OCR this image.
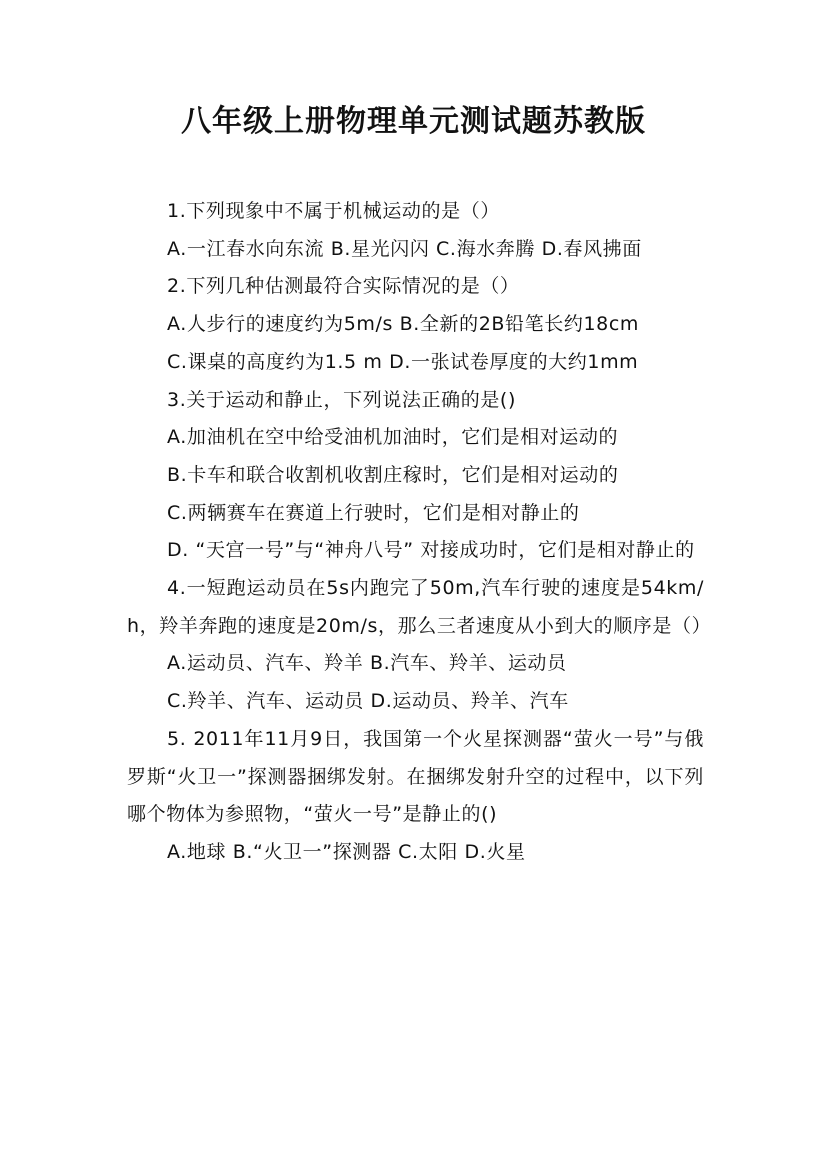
八年级上册物理单元测试题苏教版

1.下列现象中不属于机械运动的是（）

A.一江春水向东流 B.星光闪闪 C.海水奔腾 D.春风拂面

2.下列几种估测最符合实际情况的是（）

A.人步行的速度约为5m/s B.全新的2B铅笔长约18cm

C.课桌的高度约为1.5 m D.一张试卷厚度的大约1mm

3.关于运动和静止，下列说法正确的是()

A.加油机在空中给受油机加油时，它们是相对运动的

B.卡车和联合收割机收割庄稼时，它们是相对运动的

C.两辆赛车在赛道上行驶时，它们是相对静止的

D. “天宫一号”与“神舟八号” 对接成功时，它们是相对静止的

4.一短跑运动员在5s内跑完了50m,汽车行驶的速度是54km/h，羚羊奔跑的速度是20m/s，那么三者速度从小到大的顺序是（）

A.运动员、汽车、羚羊 B.汽车、羚羊、运动员

C.羚羊、汽车、运动员 D.运动员、羚羊、汽车

5. 2011年11月9日，我国第一个火星探测器“萤火一号”与俄罗斯“火卫一”探测器捆绑发射。在捆绑发射升空的过程中，以下列哪个物体为参照物，“萤火一号”是静止的()

A.地球 B.“火卫一”探测器 C.太阳 D.火星
